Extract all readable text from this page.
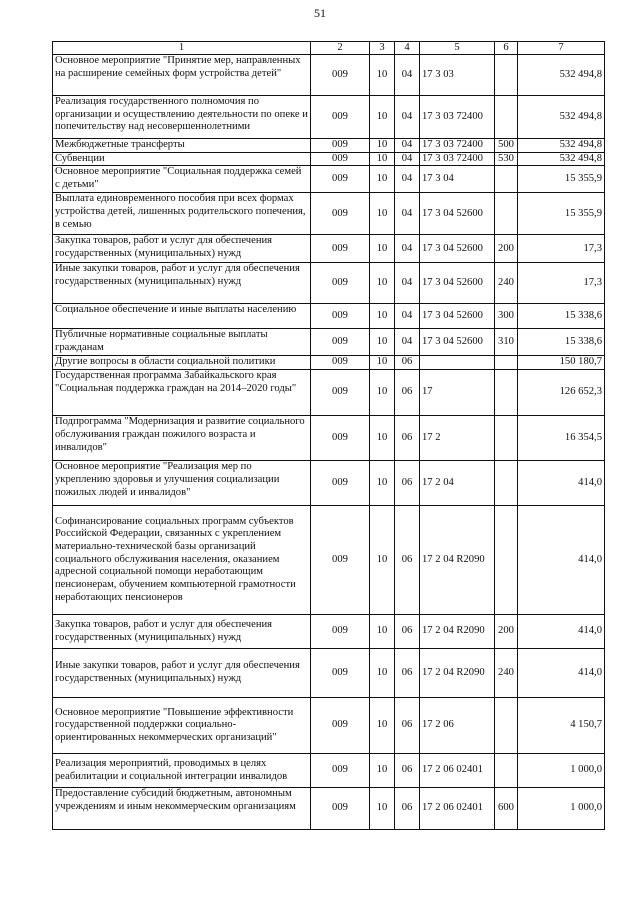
51
1	2	3	4	5	6	7
Основное мероприятие "Принятие мер, направленных на расширение семейных форм устройства детей"	009	10	04	17 3 03		532 494,8
Реализация государственного полномочия по организации и осуществлению деятельности по опеке и попечительству над несовершеннолетними	009	10	04	17 3 03 72400		532 494,8
Межбюджетные трансферты	009	10	04	17 3 03 72400	500	532 494,8
Субвенции	009	10	04	17 3 03 72400	530	532 494,8
Основное мероприятие "Социальная поддержка семей с детьми"	009	10	04	17 3 04		15 355,9
Выплата единовременного пособия при всех формах устройства детей, лишенных родительского попечения, в семью	009	10	04	17 3 04 52600		15 355,9
Закупка товаров, работ и услуг для обеспечения государственных (муниципальных) нужд	009	10	04	17 3 04 52600	200	17,3
Иные закупки товаров, работ и услуг для обеспечения государственных (муниципальных) нужд	009	10	04	17 3 04 52600	240	17,3
Социальное обеспечение и иные выплаты населению	009	10	04	17 3 04 52600	300	15 338,6
Публичные нормативные социальные выплаты гражданам	009	10	04	17 3 04 52600	310	15 338,6
Другие вопросы в области социальной политики	009	10	06			150 180,7
Государственная программа Забайкальского края "Социальная поддержка граждан на 2014–2020 годы"	009	10	06	17		126 652,3
Подпрограмма "Модернизация и развитие социального обслуживания граждан пожилого возраста и инвалидов"	009	10	06	17 2		16 354,5
Основное мероприятие "Реализация мер по укреплению здоровья и улучшения социализации пожилых людей и инвалидов"	009	10	06	17 2 04		414,0
Софинансирование социальных программ субъектов Российской Федерации, связанных с укреплением материально-технической базы организаций социального обслуживания населения, оказанием адресной социальной помощи неработающим пенсионерам, обучением компьютерной грамотности неработающих пенсионеров	009	10	06	17 2 04 R2090		414,0
Закупка товаров, работ и услуг для обеспечения государственных (муниципальных) нужд	009	10	06	17 2 04 R2090	200	414,0
Иные закупки товаров, работ и услуг для обеспечения государственных (муниципальных) нужд	009	10	06	17 2 04 R2090	240	414,0
Основное мероприятие "Повышение эффективности государственной поддержки социально-ориентированных некоммерческих организаций"	009	10	06	17 2 06		4 150,7
Реализация мероприятий, проводимых в целях реабилитации и социальной интеграции инвалидов	009	10	06	17 2 06 02401		1 000,0
Предоставление субсидий бюджетным, автономным учреждениям и иным некоммерческим организациям	009	10	06	17 2 06 02401	600	1 000,0
